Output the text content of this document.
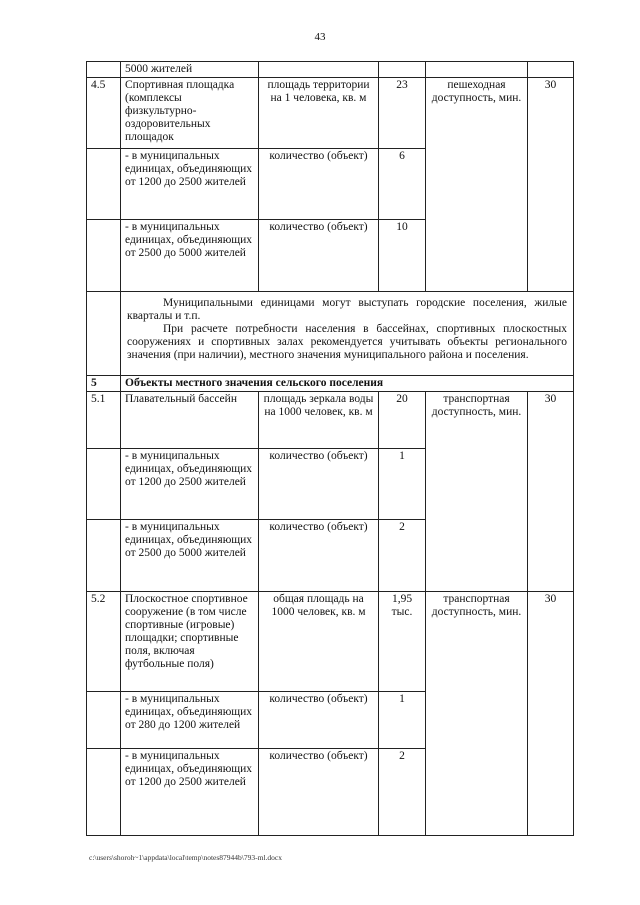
43
	5000 жителей				
4.5	Спортивная площадка (комплексы физкультурно-оздоровительных площадок	площадь территории на 1 человека, кв. м	23	пешеходная доступность, мин.	30
	- в муниципальных единицах, объединяющих от 1200 до 2500 жителей	количество (объект)	6		
	- в муниципальных единицах, объединяющих от 2500 до 5000 жителей	количество (объект)	10		

	Муниципальными единицами могут выступать городские поселения, жилые кварталы и т.п.

При расчете потребности населения в бассейнах, спортивных плоскостных сооружениях и спортивных залах рекомендуется учитывать объекты регионального значения (при наличии), местного значения муниципального района и поселения.				

5	Объекты местного значения сельского поселения				
5.1	Плавательный бассейн	площадь зеркала воды на 1000 человек, кв. м	20	транспортная доступность, мин.	30
	- в муниципальных единицах, объединяющих от 1200 до 2500 жителей	количество (объект)	1		
	- в муниципальных единицах, объединяющих от 2500 до 5000 жителей	количество (объект)	2		
5.2	Плоскостное спортивное сооружение (в том числе спортивные (игровые) площадки; спортивные поля, включая футбольные поля)	общая площадь на 1000 человек, кв. м	1,95 тыс.	транспортная доступность, мин.	30
	- в муниципальных единицах, объединяющих от 280 до 1200 жителей	количество (объект)	1		
	- в муниципальных единицах, объединяющих от 1200 до 2500 жителей	количество (объект)	2		
c:\users\shoroh~1\appdata\local\temp\notes87944b\793-ml.docx
